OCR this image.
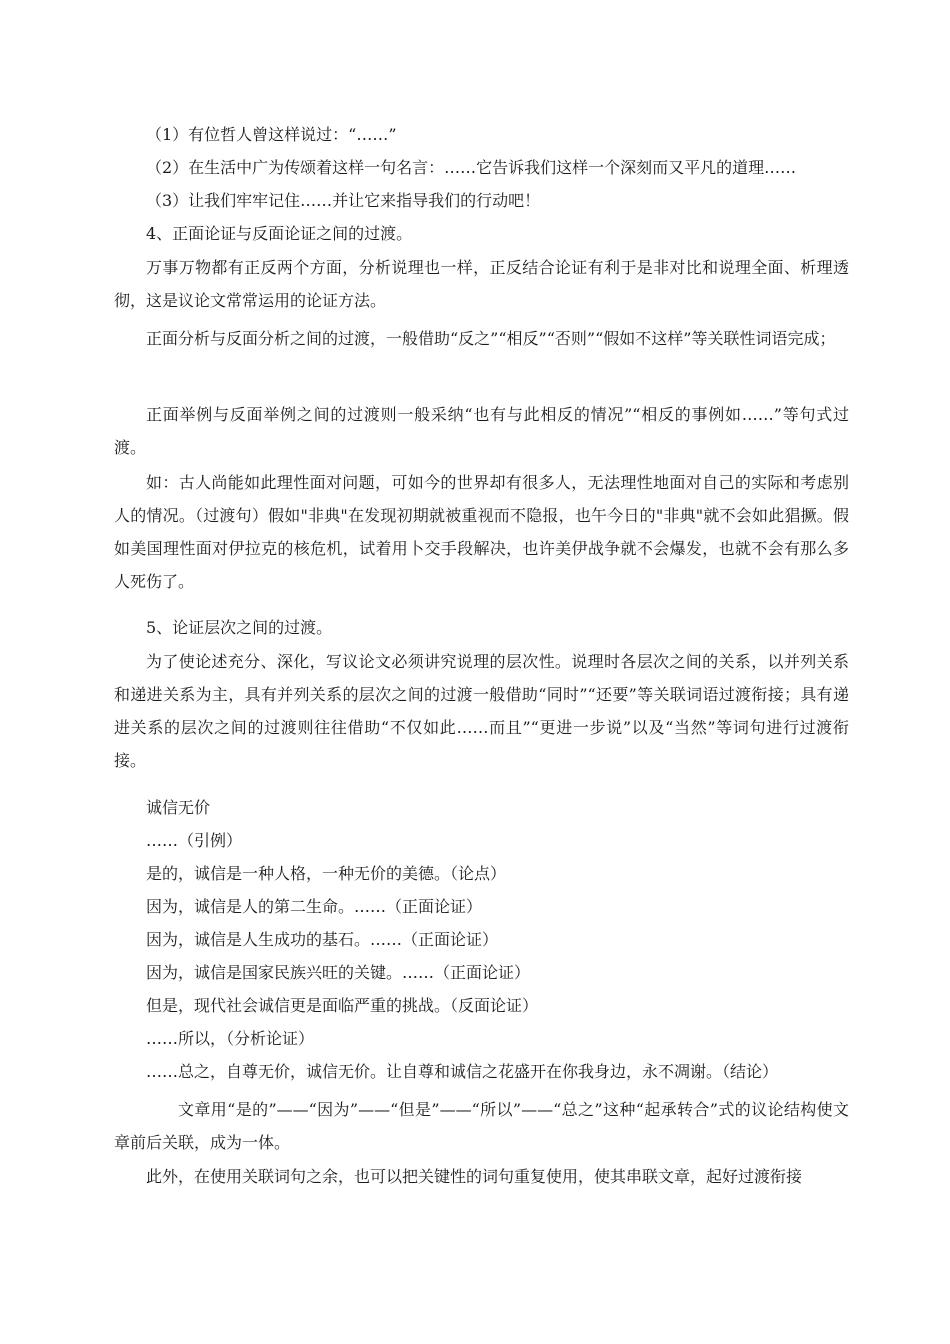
（1）有位哲人曾这样说过：“……”

（2）在生活中广为传颂着这样一句名言：……它告诉我们这样一个深刻而又平凡的道理……

（3）让我们牢牢记住……并让它来指导我们的行动吧！

4、正面论证与反面论证之间的过渡。

万事万物都有正反两个方面，分析说理也一样，正反结合论证有利于是非对比和说理全面、析理透彻，这是议论文常常运用的论证方法。

正面分析与反面分析之间的过渡，一般借助“反之”“相反”“否则”“假如不这样”等关联性词语完成；

正面举例与反面举例之间的过渡则一般采纳“也有与此相反的情况”“相反的事例如……”等句式过渡。

如：古人尚能如此理性面对问题，可如今的世界却有很多人，无法理性地面对自己的实际和考虑别人的情况。（过渡句）假如"非典"在发现初期就被重视而不隐报，也午今日的"非典"就不会如此猖撅。假如美国理性面对伊拉克的核危机，试着用卜交手段解决，也许美伊战争就不会爆发，也就不会有那么多人死伤了。

5、论证层次之间的过渡。

为了使论述充分、深化，写议论文必须讲究说理的层次性。说理时各层次之间的关系，以并列关系和递进关系为主，具有并列关系的层次之间的过渡一般借助“同时”“还要”等关联词语过渡衔接；具有递进关系的层次之间的过渡则往往借助“不仅如此……而且”“更进一步说”以及“当然”等词句进行过渡衔接。

诚信无价

……（引例）

是的，诚信是一种人格，一种无价的美德。（论点）

因为，诚信是人的第二生命。……（正面论证）

因为，诚信是人生成功的基石。……（正面论证）

因为，诚信是国家民族兴旺的关键。……（正面论证）

但是，现代社会诚信更是面临严重的挑战。（反面论证）

……所以，（分析论证）

……总之，自尊无价，诚信无价。让自尊和诚信之花盛开在你我身边，永不凋谢。（结论）

文章用“是的”——“因为”——“但是”——“所以”——“总之”这种“起承转合”式的议论结构使文章前后关联，成为一体。

此外，在使用关联词句之余，也可以把关键性的词句重复使用，使其串联文章，起好过渡衔接
